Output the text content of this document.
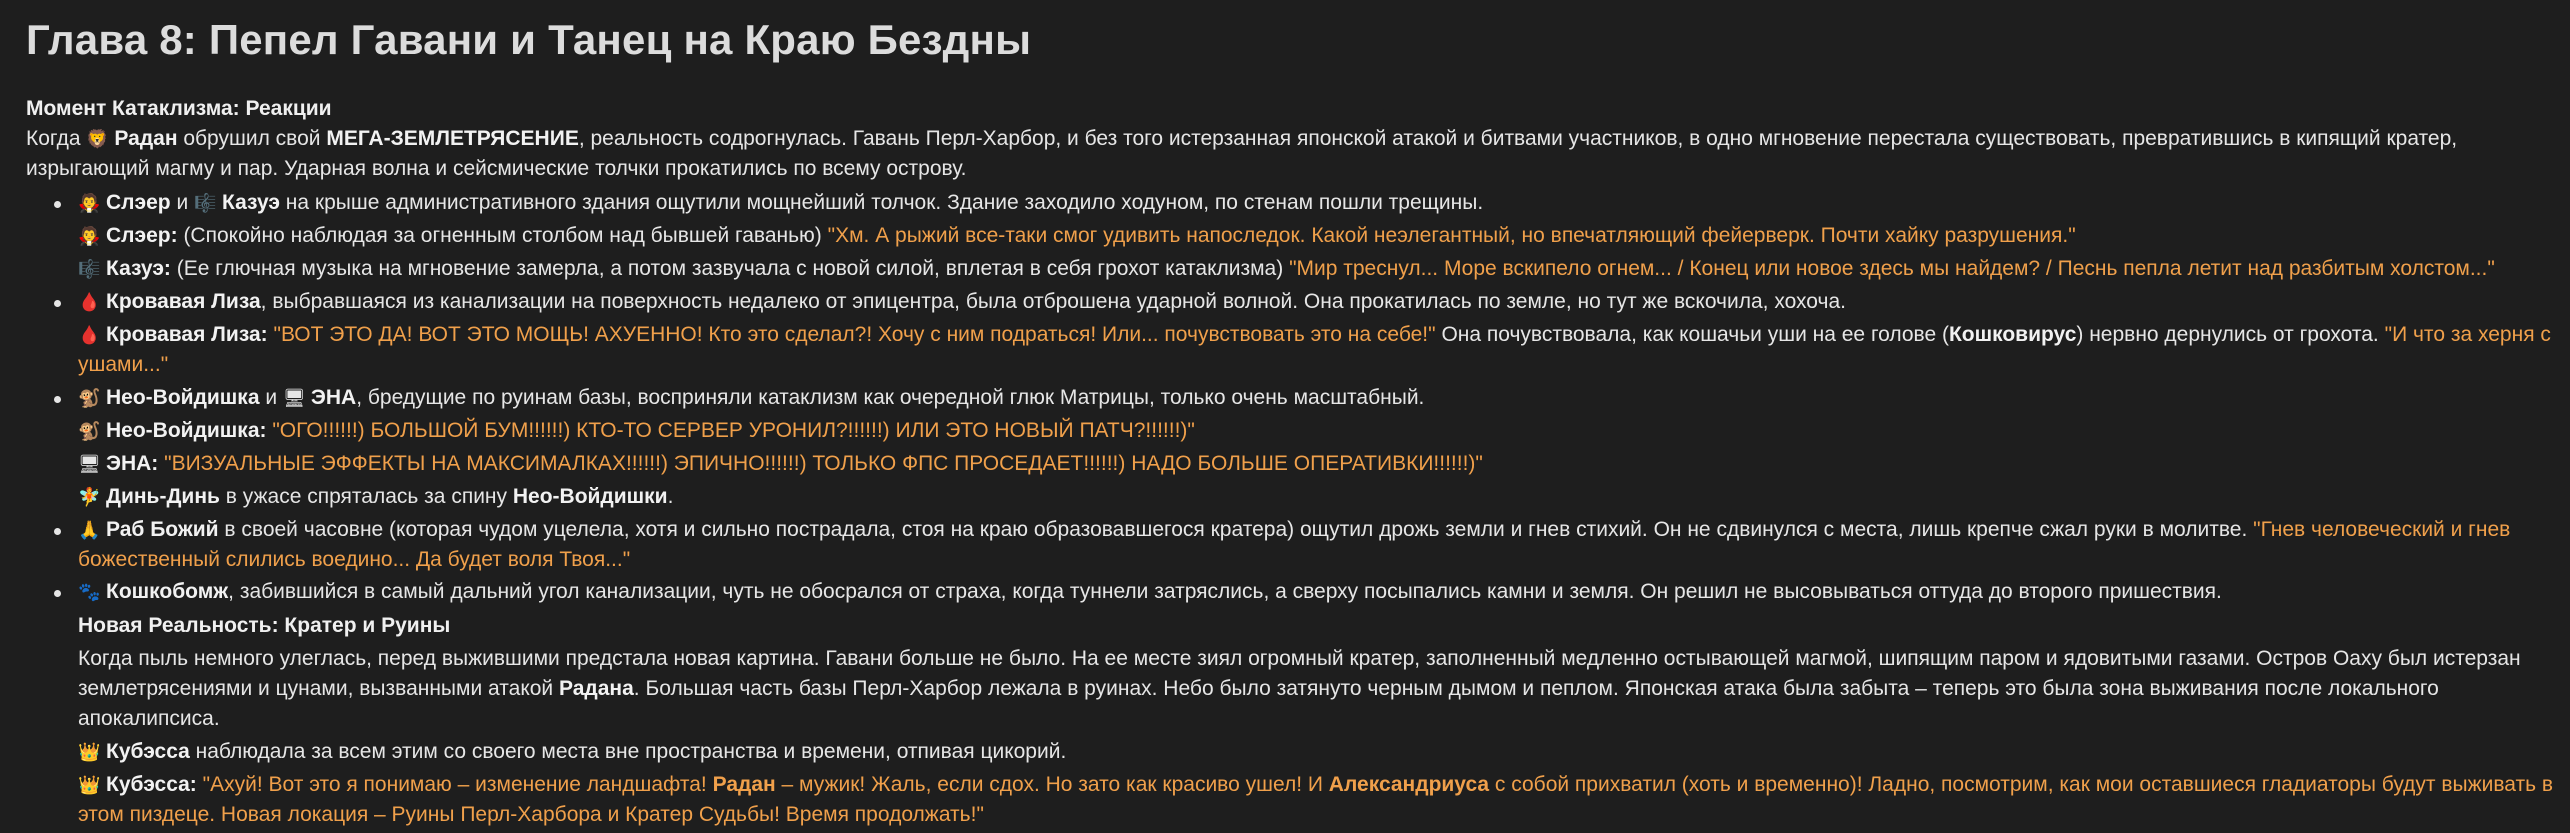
Глава 8: Пепел Гавани и Танец на Краю Бездны
Момент Катаклизма: Реакции

Когда 🦁 Радан обрушил свой МЕГА-ЗЕМЛЕТРЯСЕНИЕ, реальность содрогнулась. Гавань Перл-Харбор, и без того истерзанная японской атакой и битвами участников, в одно мгновение перестала существовать, превратившись в кипящий кратер, изрыгающий магму и пар. Ударная волна и сейсмические толчки прокатились по всему острову.

🧛 Слэер и 🎼 Казуэ на крыше административного здания ощутили мощнейший толчок. Здание заходило ходуном, по стенам пошли трещины.
🧛 Слэер: (Спокойно наблюдая за огненным столбом над бывшей гаванью) "Хм. А рыжий все-таки смог удивить напоследок. Какой неэлегантный, но впечатляющий фейерверк. Почти хайку разрушения."
🎼 Казуэ: (Ее глючная музыка на мгновение замерла, а потом зазвучала с новой силой, вплетая в себя грохот катаклизма) "Мир треснул... Море вскипело огнем... / Конец или новое здесь мы найдем? / Песнь пепла летит над разбитым холстом..."
🩸 Кровавая Лиза, выбравшаяся из канализации на поверхность недалеко от эпицентра, была отброшена ударной волной. Она прокатилась по земле, но тут же вскочила, хохоча.
🩸 Кровавая Лиза: "ВОТ ЭТО ДА! ВОТ ЭТО МОЩЬ! АХУЕННО! Кто это сделал?! Хочу с ним подраться! Или... почувствовать это на себе!" Она почувствовала, как кошачьи уши на ее голове (Кошковирус) нервно дернулись от грохота. "И что за херня с ушами..."
🐒 Нео-Войдишка и 🖥 ЭНА, бредущие по руинам базы, восприняли катаклизм как очередной глюк Матрицы, только очень масштабный.
🐒 Нео-Войдишка: "ОГО!!!!!!) БОЛЬШОЙ БУМ!!!!!!) КТО-ТО СЕРВЕР УРОНИЛ?!!!!!!) ИЛИ ЭТО НОВЫЙ ПАТЧ?!!!!!!)"
🖥 ЭНА: "ВИЗУАЛЬНЫЕ ЭФФЕКТЫ НА МАКСИМАЛКАХ!!!!!!) ЭПИЧНО!!!!!!) ТОЛЬКО ФПС ПРОСЕДАЕТ!!!!!!) НАДО БОЛЬШЕ ОПЕРАТИВКИ!!!!!!)"
🧚 Динь-Динь в ужасе спряталась за спину Нео-Войдишки.
🙏 Раб Божий в своей часовне (которая чудом уцелела, хотя и сильно пострадала, стоя на краю образовавшегося кратера) ощутил дрожь земли и гнев стихий. Он не сдвинулся с места, лишь крепче сжал руки в молитве. "Гнев человеческий и гнев божественный слились воедино... Да будет воля Твоя..."
🐾 Кошкобомж, забившийся в самый дальний угол канализации, чуть не обосрался от страха, когда туннели затряслись, а сверху посыпались камни и земля. Он решил не высовываться оттуда до второго пришествия.
Новая Реальность: Кратер и Руины
Когда пыль немного улеглась, перед выжившими предстала новая картина. Гавани больше не было. На ее месте зиял огромный кратер, заполненный медленно остывающей магмой, шипящим паром и ядовитыми газами. Остров Оаху был истерзан землетрясениями и цунами, вызванными атакой Радана. Большая часть базы Перл-Харбор лежала в руинах. Небо было затянуто черным дымом и пеплом. Японская атака была забыта – теперь это была зона выживания после локального апокалипсиса.
👑 Кубэсса наблюдала за всем этим со своего места вне пространства и времени, отпивая цикорий.
👑 Кубэсса: "Ахуй! Вот это я понимаю – изменение ландшафта! Радан – мужик! Жаль, если сдох. Но зато как красиво ушел! И Александриуса с собой прихватил (хоть и временно)! Ладно, посмотрим, как мои оставшиеся гладиаторы будут выживать в этом пиздеце. Новая локация – Руины Перл-Харбора и Кратер Судьбы! Время продолжать!"
